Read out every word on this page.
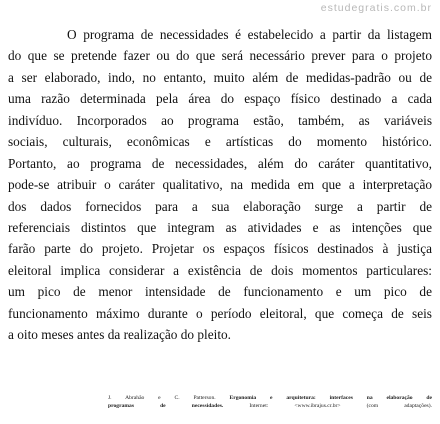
estudegratis.com.br
O programa de necessidades é estabelecido a partir da listagem
do que se pretende fazer ou do que será necessário prever para o projeto
a ser elaborado, indo, no entanto, muito além de medidas-padrão ou de
uma razão determinada pela área do espaço físico destinado a cada
indivíduo. Incorporados ao programa estão, também, as variáveis
sociais, culturais, econômicas e artísticas do momento histórico.
Portanto, ao programa de necessidades, além do caráter quantitativo,
pode-se atribuir o caráter qualitativo, na medida em que a interpretação
dos dados fornecidos para a sua elaboração surge a partir de
referenciais distintos que integram as atividades e as intenções que
farão parte do projeto. Projetar os espaços físicos destinados à justiça
eleitoral implica considerar a existência de dois momentos particulares:
um pico de menor intensidade de funcionamento e um pico de
funcionamento máximo durante o período eleitoral, que começa de seis
a oito meses antes da realização do pleito.
J. Abrahão e C. Patterson. Ergonomia e arquitetura: interfaces na elaboração de
programas de necessidades.	Internet: <www.ibrajus.cr.br> (com adaptações).
